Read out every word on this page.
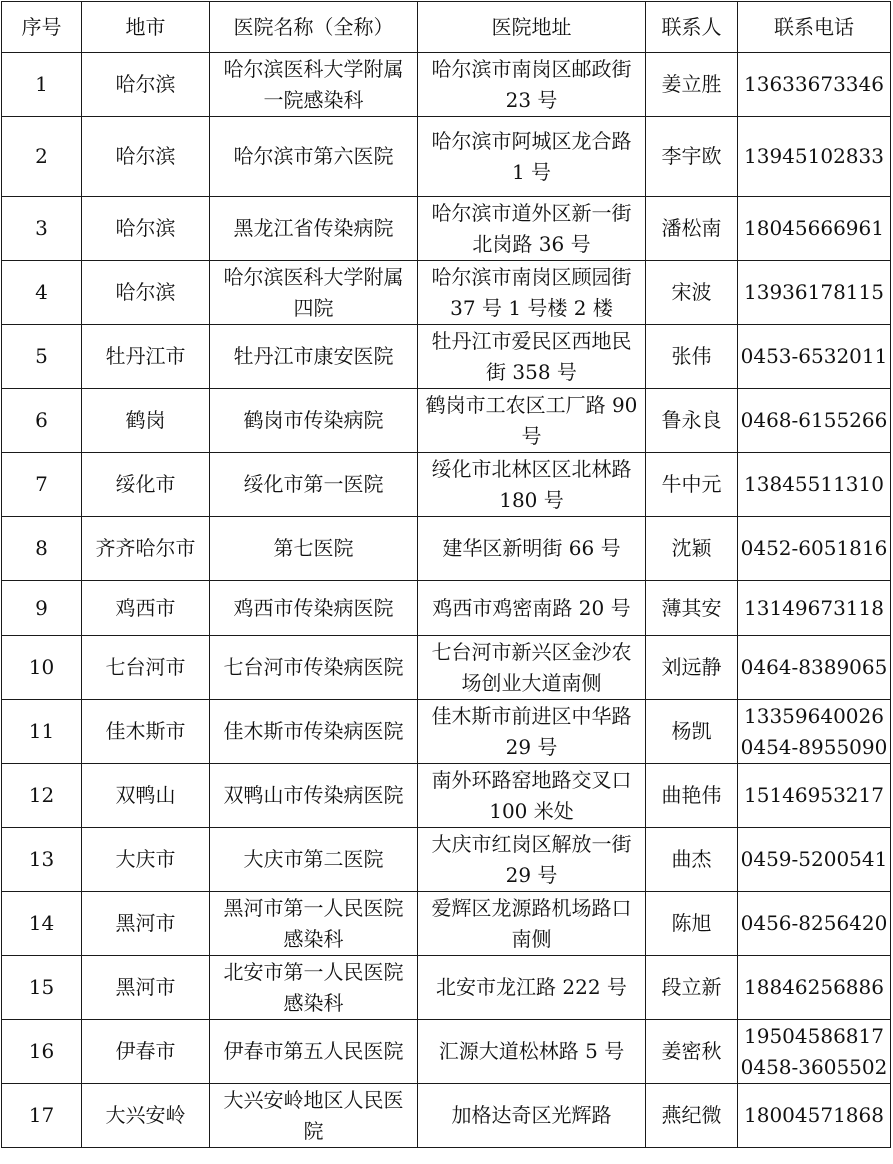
序号	地市	医院名称（全称）	医院地址	联系人	联系电话
1	哈尔滨	哈尔滨医科大学附属一院感染科	哈尔滨市南岗区邮政街 23 号	姜立胜	13633673346

2	哈尔滨	哈尔滨市第六医院	哈尔滨市阿城区龙合路 1 号	李宇欧	13945102833

3	哈尔滨	黑龙江省传染病院	哈尔滨市道外区新一街北岗路 36 号	潘松南	18045666961

4	哈尔滨	哈尔滨医科大学附属四院	哈尔滨市南岗区顾园街 37 号 1 号楼 2 楼	宋波	13936178115

5	牡丹江市	牡丹江市康安医院	牡丹江市爱民区西地民街 358 号	张伟	0453-6532011

6	鹤岗	鹤岗市传染病院	鹤岗市工农区工厂路 90 号	鲁永良	0468-6155266

7	绥化市	绥化市第一医院	绥化市北林区区北林路 180 号	牛中元	13845511310

8	齐齐哈尔市	第七医院	建华区新明街 66 号	沈颖	0452-6051816

9	鸡西市	鸡西市传染病医院	鸡西市鸡密南路 20 号	薄其安	13149673118

10	七台河市	七台河市传染病医院	七台河市新兴区金沙农场创业大道南侧	刘远静	0464-8389065

11	佳木斯市	佳木斯市传染病医院	佳木斯市前进区中华路 29 号	杨凯	13359640026
0454-8955090

12	双鸭山	双鸭山市传染病医院	南外环路窑地路交叉口 100 米处	曲艳伟	15146953217

13	大庆市	大庆市第二医院	大庆市红岗区解放一街 29 号	曲杰	0459-5200541

14	黑河市	黑河市第一人民医院感染科	爱辉区龙源路机场路口南侧	陈旭	0456-8256420

15	黑河市	北安市第一人民医院感染科	北安市龙江路 222 号	段立新	18846256886

16	伊春市	伊春市第五人民医院	汇源大道松林路 5 号	姜密秋	19504586817
0458-3605502

17	大兴安岭	大兴安岭地区人民医院	加格达奇区光辉路	燕纪微	18004571868
